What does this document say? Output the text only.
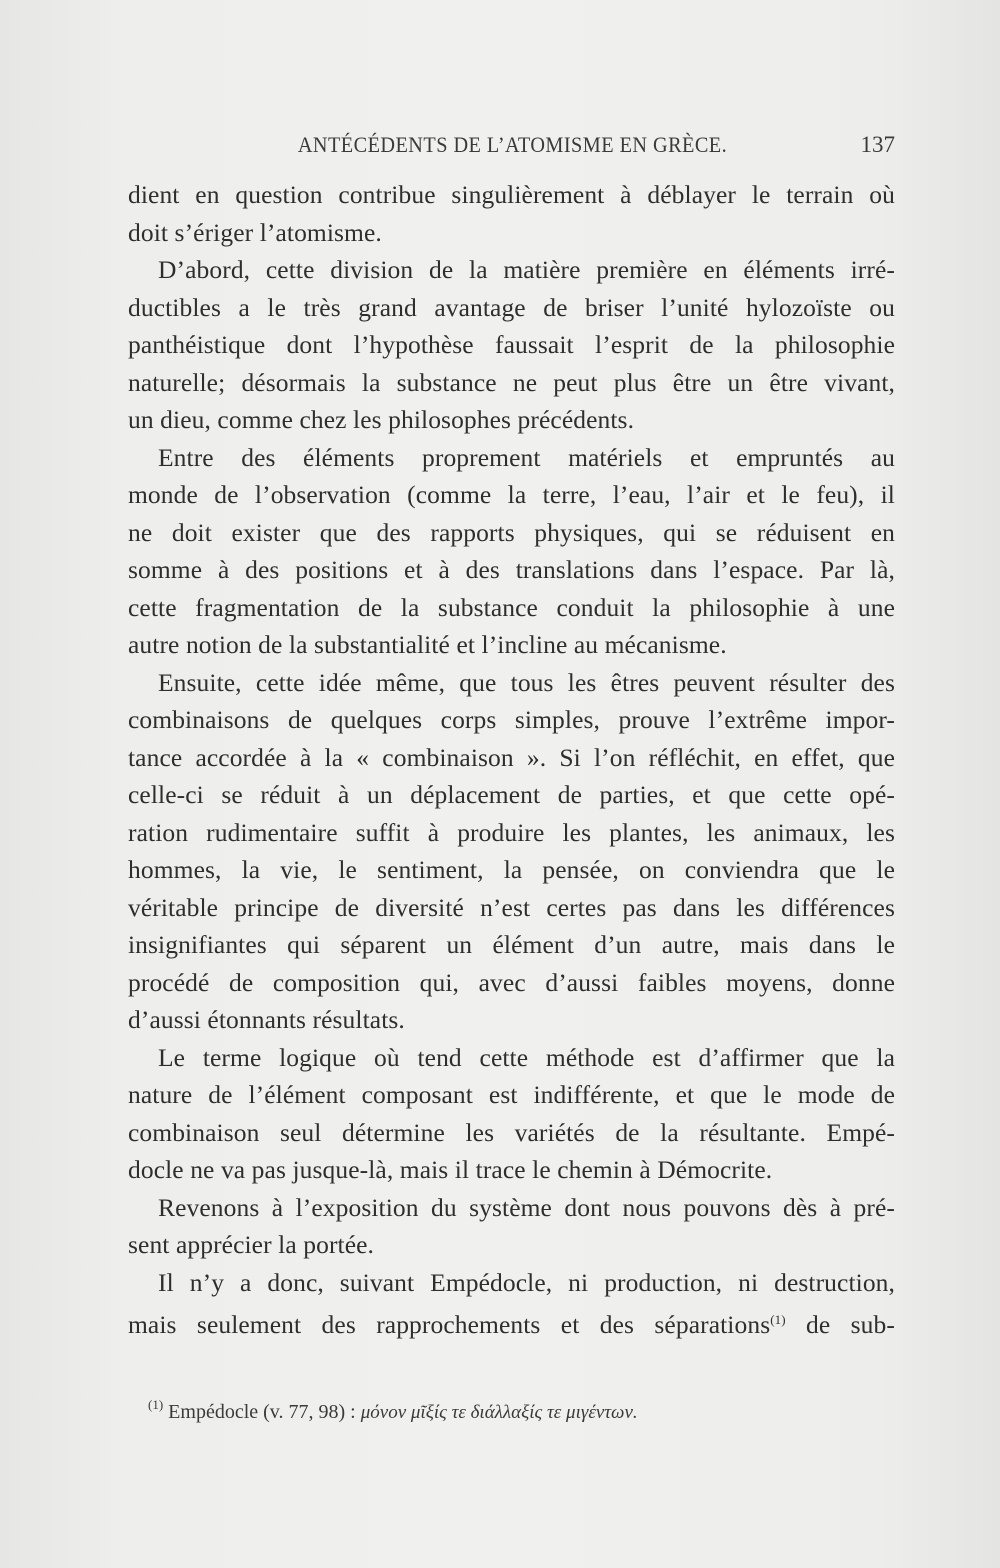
ANTÉCÉDENTS DE L’ATOMISME EN GRÈCE.	137
dient en question contribue singulièrement à déblayer le terrain où
doit s’ériger l’atomisme.
D’abord, cette division de la matière première en éléments irré-
ductibles a le très grand avantage de briser l’unité hylozoïste ou
panthéistique dont l’hypothèse faussait l’esprit de la philosophie
naturelle; désormais la substance ne peut plus être un être vivant,
un dieu, comme chez les philosophes précédents.
Entre des éléments proprement matériels et empruntés au
monde de l’observation (comme la terre, l’eau, l’air et le feu), il
ne doit exister que des rapports physiques, qui se réduisent en
somme à des positions et à des translations dans l’espace. Par là,
cette fragmentation de la substance conduit la philosophie à une
autre notion de la substantialité et l’incline au mécanisme.
Ensuite, cette idée même, que tous les êtres peuvent résulter des
combinaisons de quelques corps simples, prouve l’extrême impor-
tance accordée à la « combinaison ». Si l’on réfléchit, en effet, que
celle-ci se réduit à un déplacement de parties, et que cette opé-
ration rudimentaire suffit à produire les plantes, les animaux, les
hommes, la vie, le sentiment, la pensée, on conviendra que le
véritable principe de diversité n’est certes pas dans les différences
insignifiantes qui séparent un élément d’un autre, mais dans le
procédé de composition qui, avec d’aussi faibles moyens, donne
d’aussi étonnants résultats.
Le terme logique où tend cette méthode est d’affirmer que la
nature de l’élément composant est indifférente, et que le mode de
combinaison seul détermine les variétés de la résultante. Empé-
docle ne va pas jusque-là, mais il trace le chemin à Démocrite.
Revenons à l’exposition du système dont nous pouvons dès à pré-
sent apprécier la portée.
Il n’y a donc, suivant Empédocle, ni production, ni destruction,
mais seulement des rapprochements et des séparations$^{(1)}$ de sub-
$^{(1)}$ Empédocle (v. 77, 98) : μόνον μῖξίς τε διάλλαξίς τε μιγέντων.
